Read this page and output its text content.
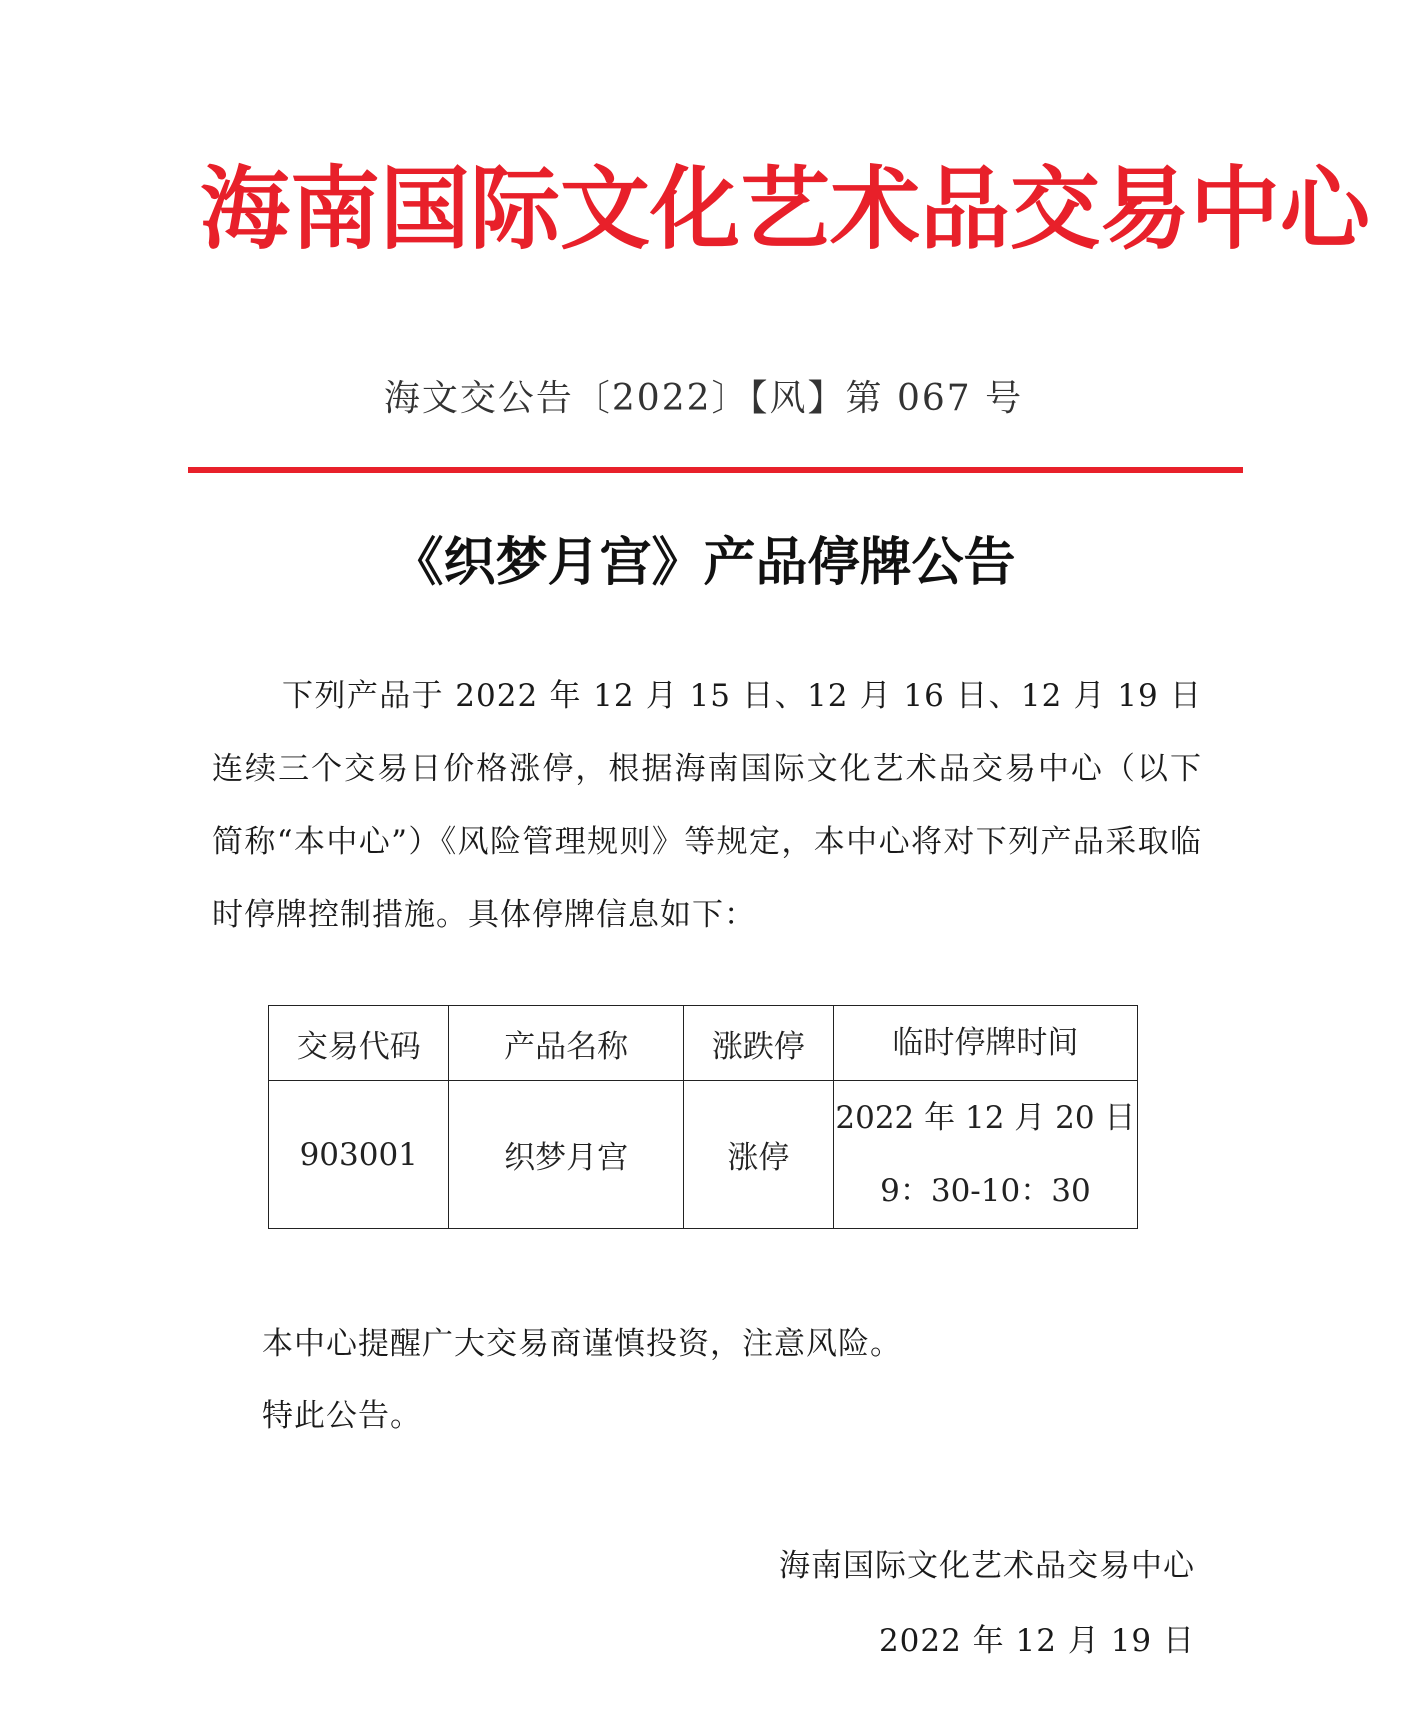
海 南 国 际 文 化 艺 术 品 交 易 中 心
海文交公告〔2022〕【风】第 067 号
《织梦月宫》产品停牌公告
下列产品于 2022 年 12 月 15 日、12 月 16 日、12 月 19 日连续三个交易日价格涨停，根据海南国际文化艺术品交易中心（以下简称“本中心”）《风险管理规则》等规定，本中心将对下列产品采取临时停牌控制措施。具体停牌信息如下：
交易代码	产品名称	涨跌停	临时停牌时间
903001	织梦月宫	涨停	2022 年 12 月 20 日
9：30-10：30
本中心提醒广大交易商谨慎投资，注意风险。
特此公告。
海南国际文化艺术品交易中心
2022 年 12 月 19 日
